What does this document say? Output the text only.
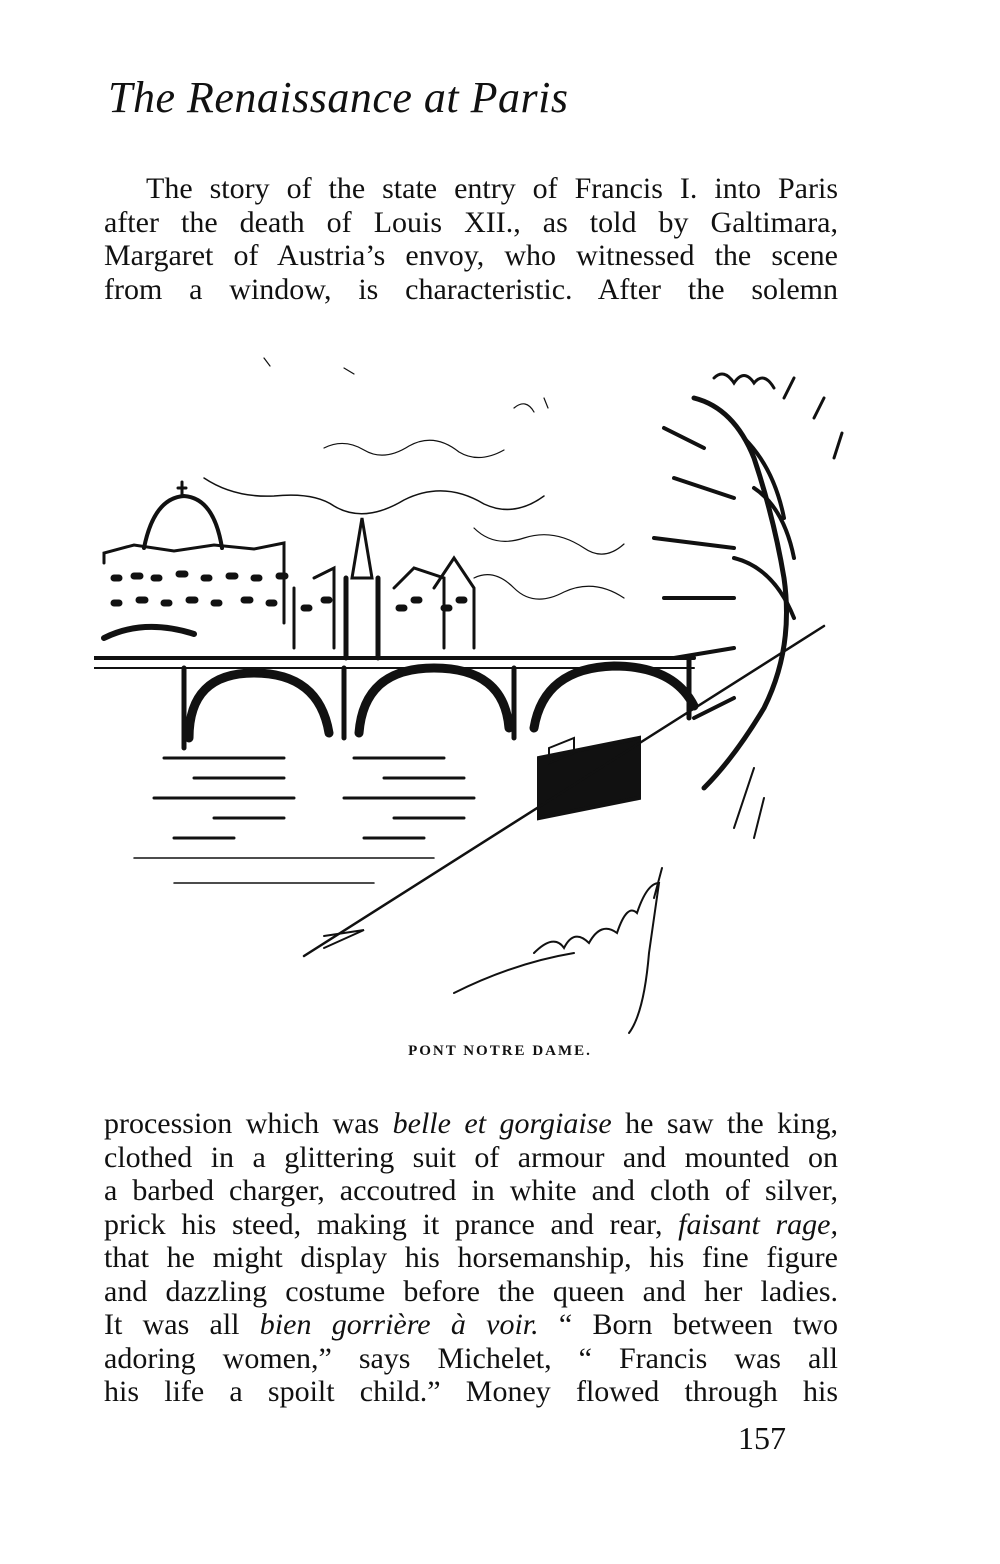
The Renaissance at Paris
The story of the state entry of Francis I. into Paris
after the death of Louis XII., as told by Galtimara,
Margaret of Austria’s envoy, who witnessed the scene
from a window, is characteristic. After the solemn
PONT NOTRE DAME.
procession which was belle et gorgiaise he saw the king,
clothed in a glittering suit of armour and mounted on
a barbed charger, accoutred in white and cloth of silver,
prick his steed, making it prance and rear, faisant rage,
that he might display his horsemanship, his fine figure
and dazzling costume before the queen and her ladies.
It was all bien gorrière à voir. “ Born between two
adoring women,” says Michelet, “ Francis was all
his life a spoilt child.” Money flowed through his
157
